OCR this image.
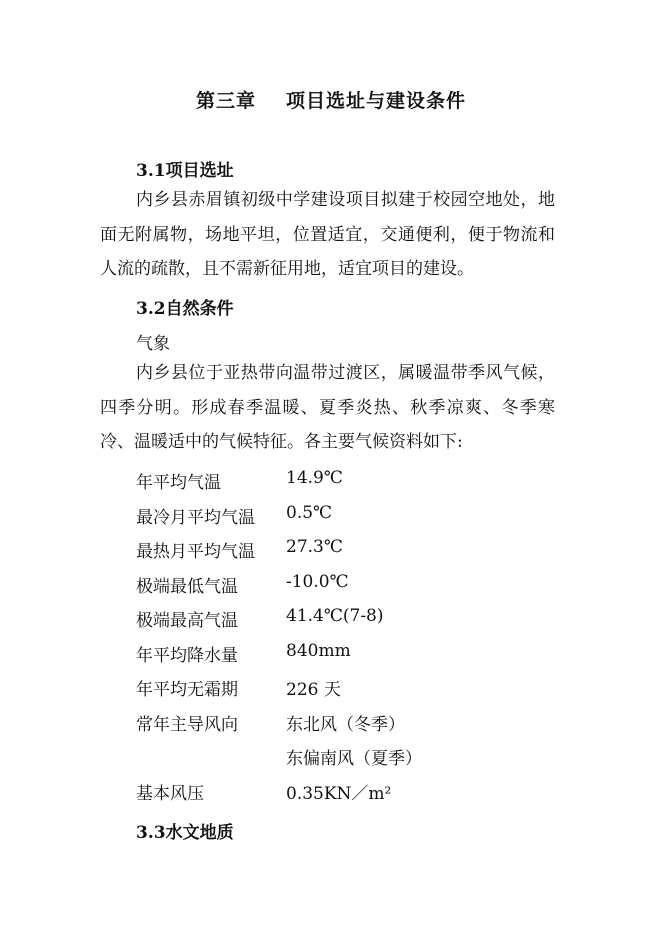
第三章 项目选址与建设条件
3.1项目选址

内乡县赤眉镇初级中学建设项目拟建于校园空地处，地面无附属物，场地平坦，位置适宜，交通便利，便于物流和人流的疏散，且不需新征用地，适宜项目的建设。

3.2自然条件
气象

内乡县位于亚热带向温带过渡区，属暖温带季风气候，四季分明。形成春季温暖、夏季炎热、秋季凉爽、冬季寒冷、温暖适中的气候特征。各主要气候资料如下:

年平均气温	14.9℃
最冷月平均气温 0.5℃
最热月平均气温 27.3℃
极端最低气温	-10.0℃
极端最高气温	41.4℃(7-8)
年平均降水量	840mm
年平均无霜期	226 天
常年主导风向	东北风（冬季）
东偏南风（夏季）
基本风压	0.35KN／m²
3.3水文地质
